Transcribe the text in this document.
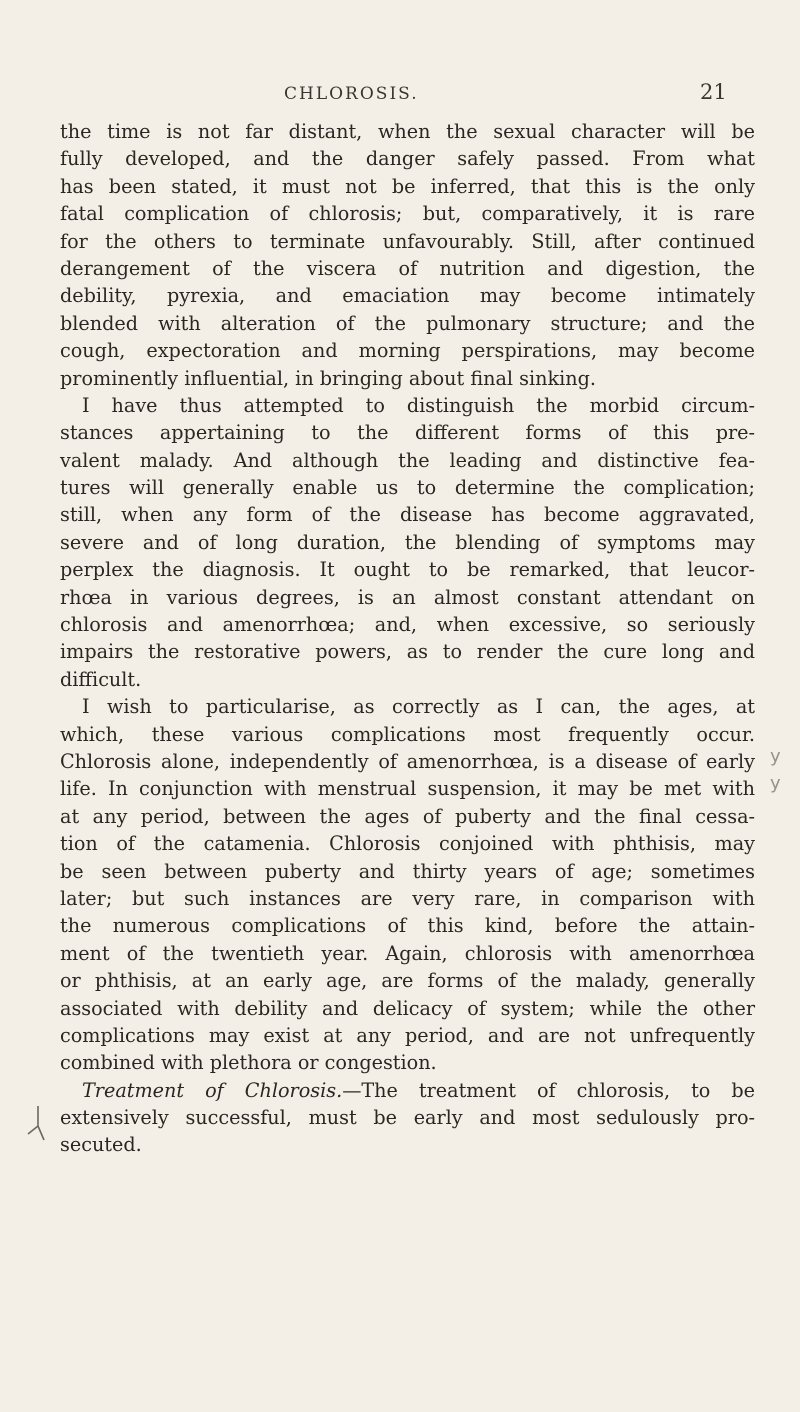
CHLOROSIS.	21
the time is not far distant, when the sexual character will be
fully developed, and the danger safely passed. From what
has been stated, it must not be inferred, that this is the only
fatal complication of chlorosis; but, comparatively, it is rare
for the others to terminate unfavourably. Still, after continued
derangement of the viscera of nutrition and digestion, the
debility, pyrexia, and emaciation may become intimately
blended with alteration of the pulmonary structure; and the
cough, expectoration and morning perspirations, may become
prominently influential, in bringing about final sinking.
I have thus attempted to distinguish the morbid circum-
stances appertaining to the different forms of this pre-
valent malady. And although the leading and distinctive fea-
tures will generally enable us to determine the complication;
still, when any form of the disease has become aggravated,
severe and of long duration, the blending of symptoms may
perplex the diagnosis. It ought to be remarked, that leucor-
rhœa in various degrees, is an almost constant attendant on
chlorosis and amenorrhœa; and, when excessive, so seriously
impairs the restorative powers, as to render the cure long and
difficult.
I wish to particularise, as correctly as I can, the ages, at
which, these various complications most frequently occur.
Chlorosis alone, independently of amenorrhœa, is a disease of early
life. In conjunction with menstrual suspension, it may be met with
at any period, between the ages of puberty and the final cessa-
tion of the catamenia. Chlorosis conjoined with phthisis, may
be seen between puberty and thirty years of age; sometimes
later; but such instances are very rare, in comparison with
the numerous complications of this kind, before the attain-
ment of the twentieth year. Again, chlorosis with amenorrhœa
or phthisis, at an early age, are forms of the malady, generally
associated with debility and delicacy of system; while the other
complications may exist at any period, and are not unfrequently
combined with plethora or congestion.
Treatment of Chlorosis.—The treatment of chlorosis, to be
extensively successful, must be early and most sedulously pro-
secuted.
y
y
